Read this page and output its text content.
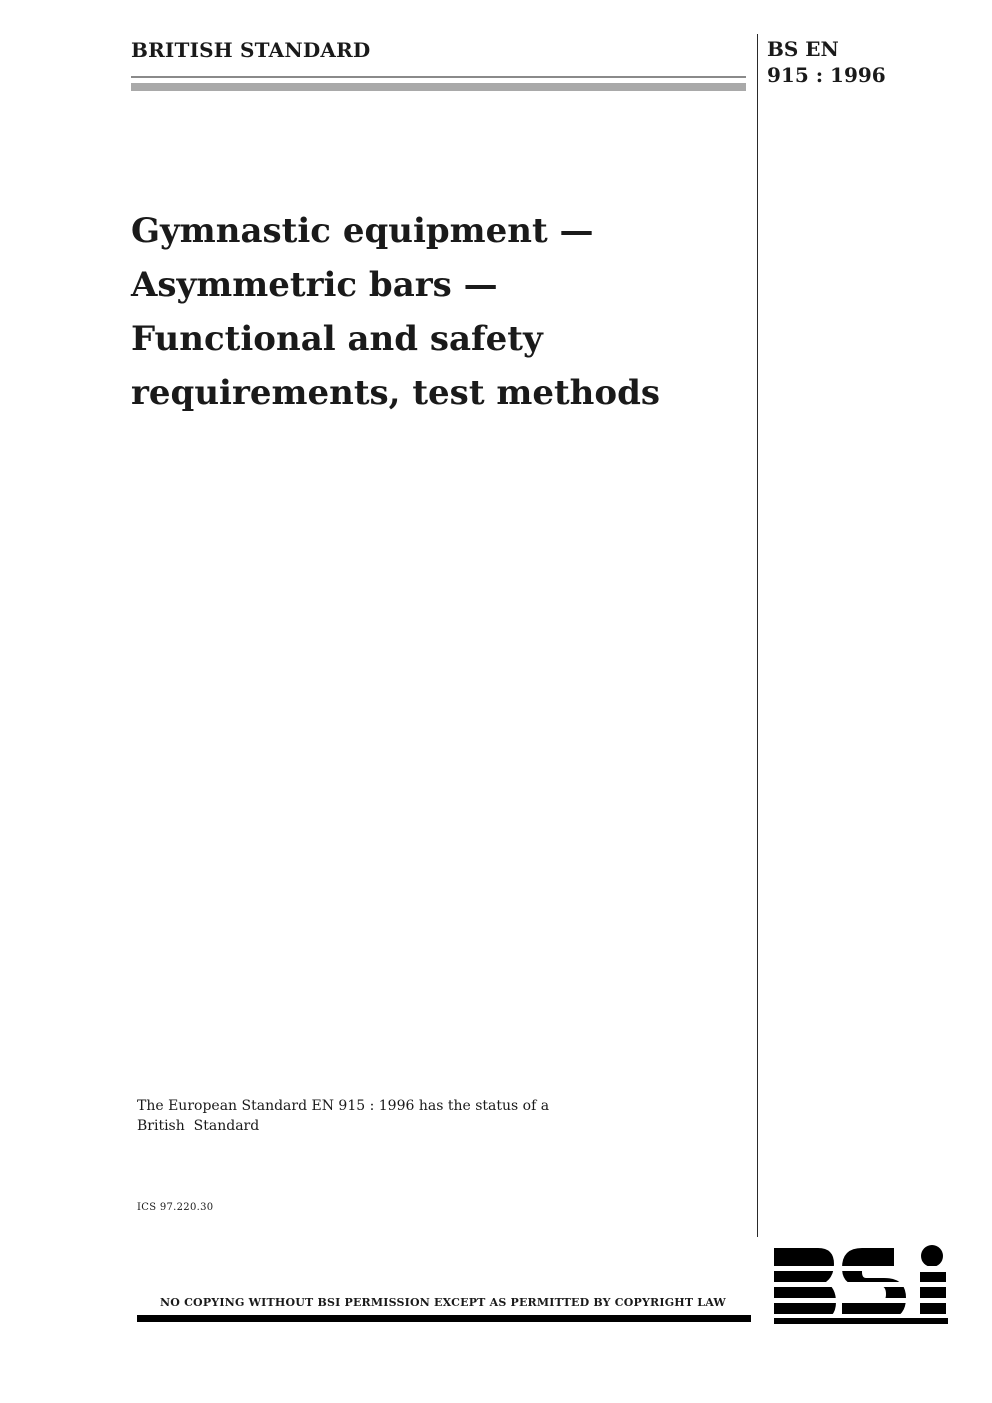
BRITISH STANDARD	BS EN
915 : 1996
Gymnastic equipment —
Asymmetric bars —
Functional and safety
requirements, test methods
The European Standard EN 915 : 1996 has the status of a
British  Standard
ICS 97.220.30
NO COPYING WITHOUT BSI PERMISSION EXCEPT AS PERMITTED BY COPYRIGHT LAW
